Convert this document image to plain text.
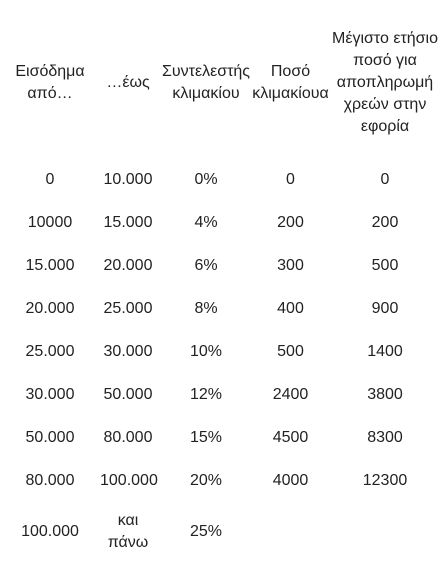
Εισόδημα από…	…έως	Συντελεστής κλιμακίου	Ποσό κλιμακίουα	Μέγιστο ετήσιο ποσό για αποπληρωμή χρεών στην εφορία

0	10.000	0%	0	0
10000	15.000	4%	200	200
15.000	20.000	6%	300	500
20.000	25.000	8%	400	900
25.000	30.000	10%	500	1400
30.000	50.000	12%	2400	3800
50.000	80.000	15%	4500	8300
80.000	100.000	20%	4000	12300
100.000	και πάνω	25%		
